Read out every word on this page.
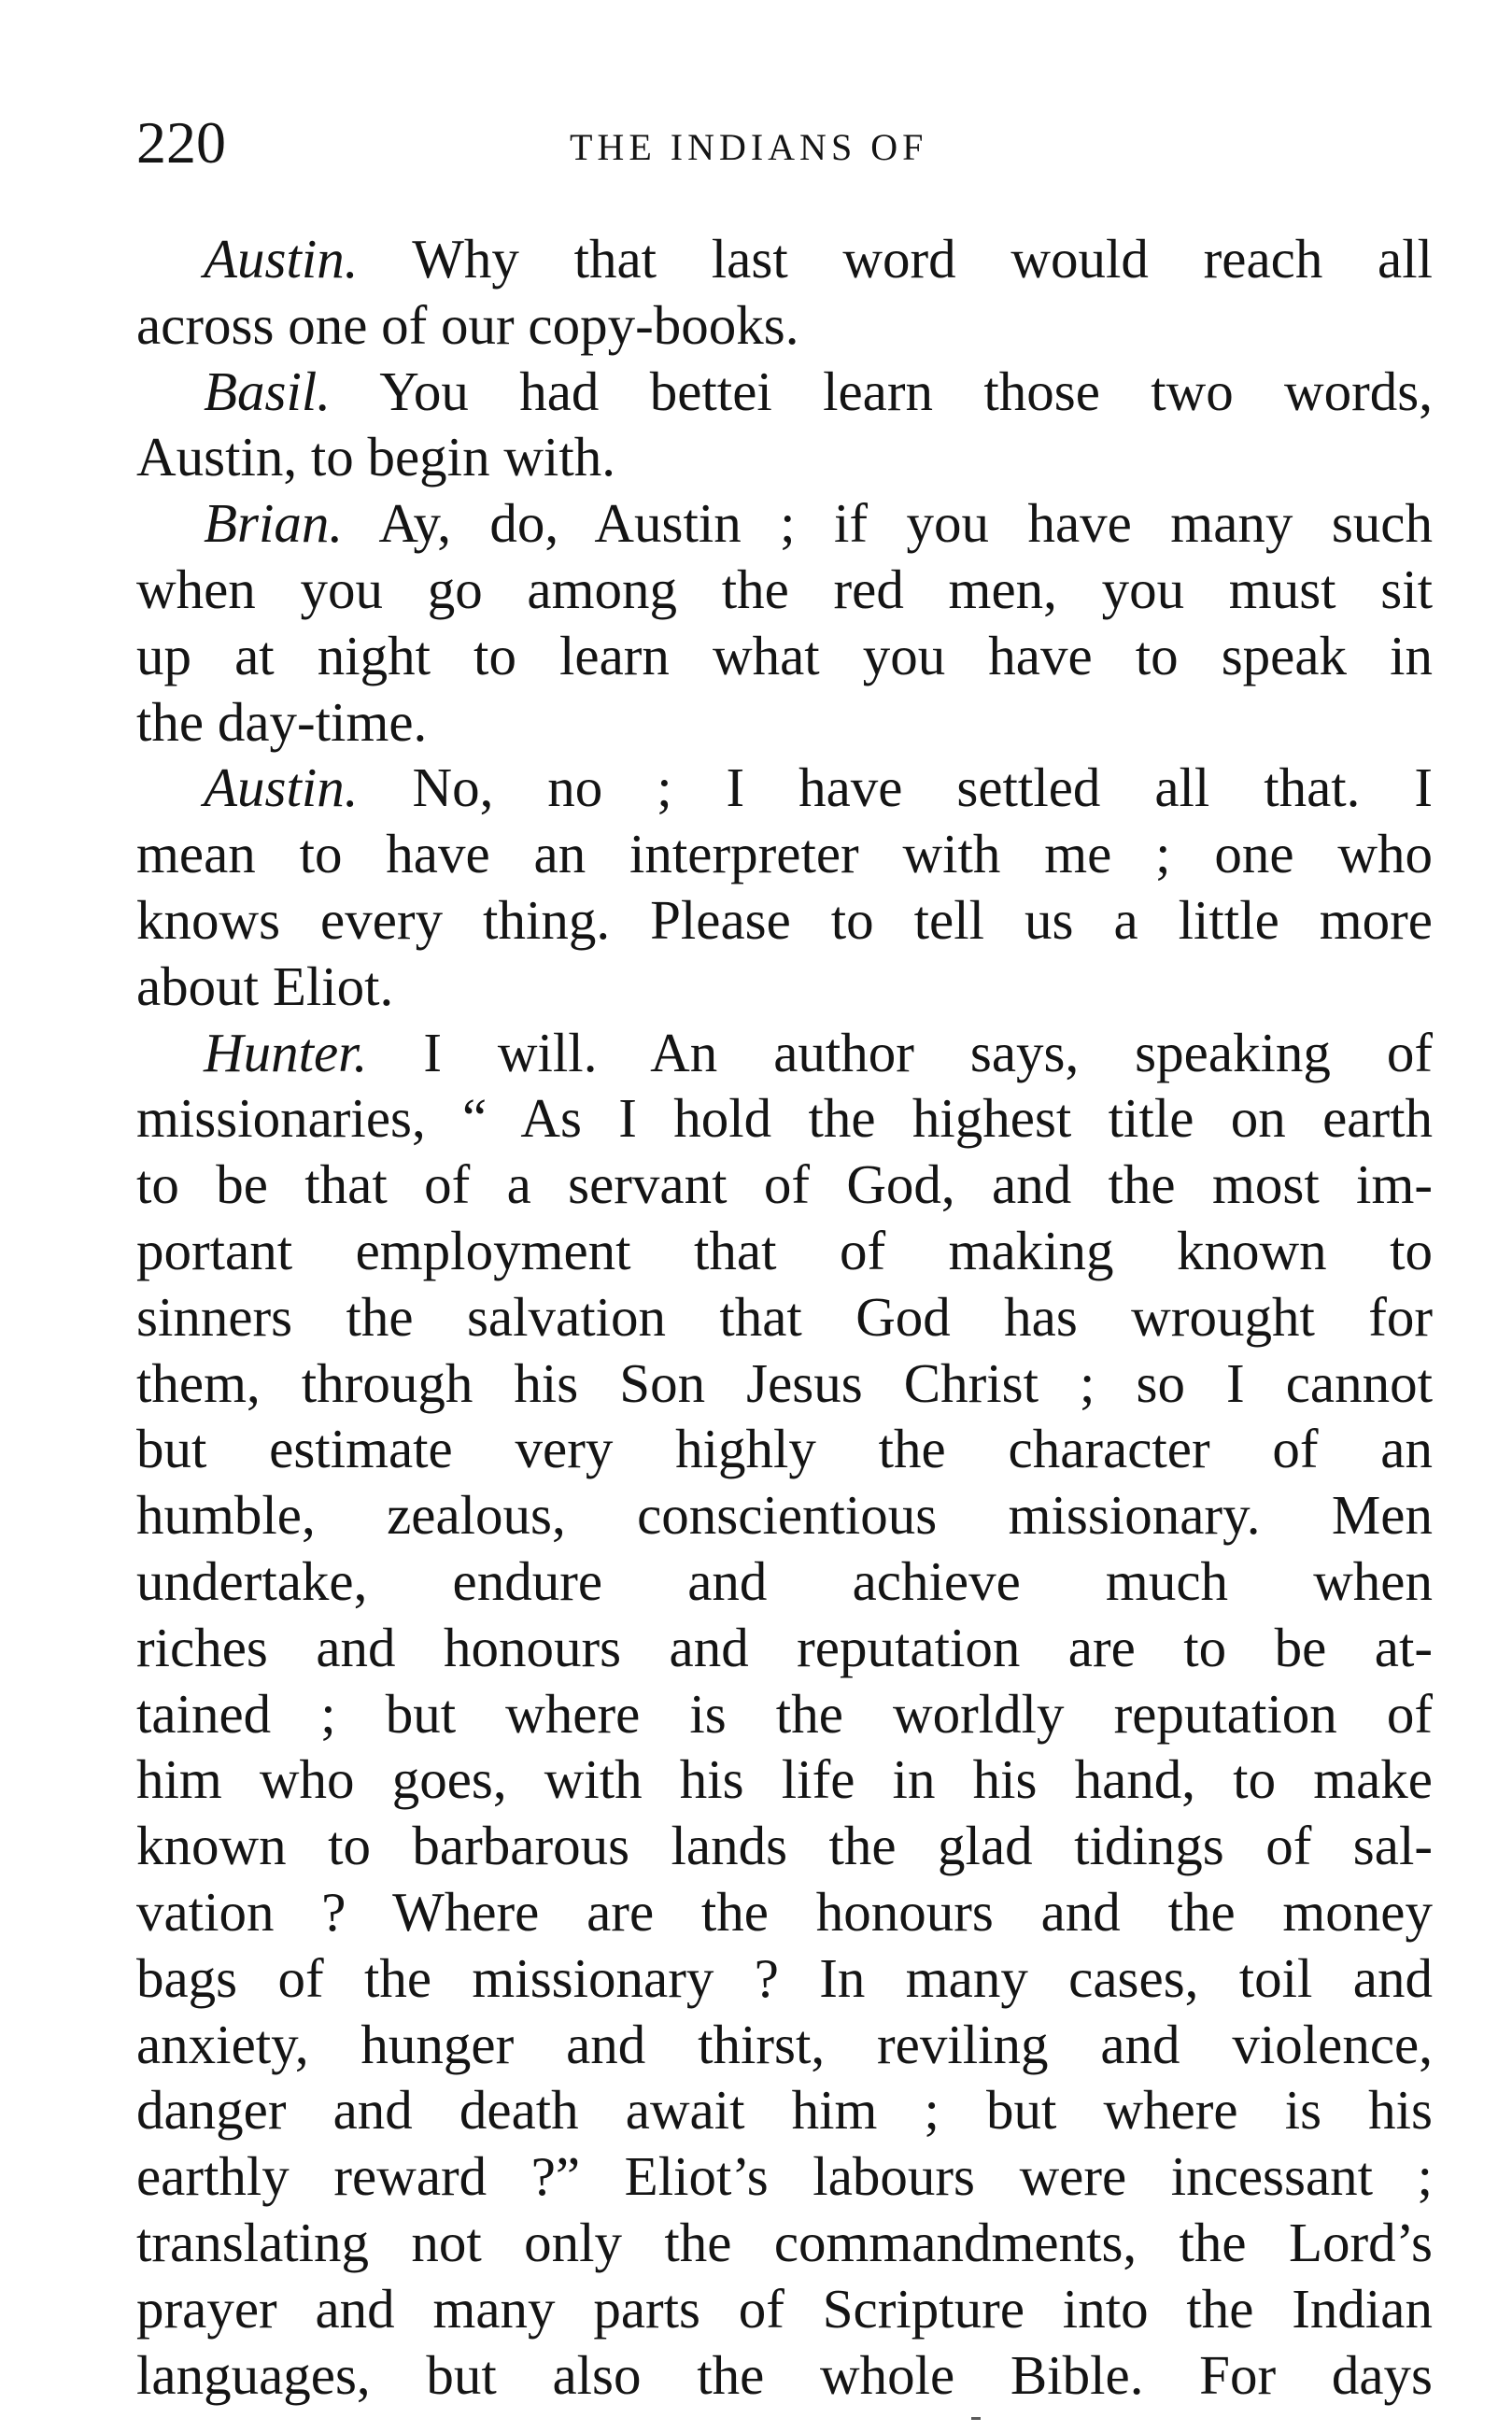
220	THE INDIANS OF
Austin. Why that last word would reach all
across one of our copy-books.
Basil. You had bettei learn those two words,
Austin, to begin with.
Brian. Ay, do, Austin ; if you have many such
when you go among the red men, you must sit
up at night to learn what you have to speak in
the day-time.
Austin. No, no ; I have settled all that. I
mean to have an interpreter with me ; one who
knows every thing. Please to tell us a little more
about Eliot.
Hunter. I will. An author says, speaking of
missionaries, “ As I hold the highest title on earth
to be that of a servant of God, and the most im-
portant employment that of making known to
sinners the salvation that God has wrought for
them, through his Son Jesus Christ ; so I cannot
but estimate very highly the character of an
humble, zealous, conscientious missionary. Men
undertake, endure and achieve much when
riches and honours and reputation are to be at-
tained ; but where is the worldly reputation of
him who goes, with his life in his hand, to make
known to barbarous lands the glad tidings of sal-
vation ? Where are the honours and the money
bags of the missionary ? In many cases, toil and
anxiety, hunger and thirst, reviling and violence,
danger and death await him ; but where is his
earthly reward ?” Eliot’s labours were incessant ;
translating not only the commandments, the Lord’s
prayer and many parts of Scripture into the Indian
languages, but also the whole Bible. For days
